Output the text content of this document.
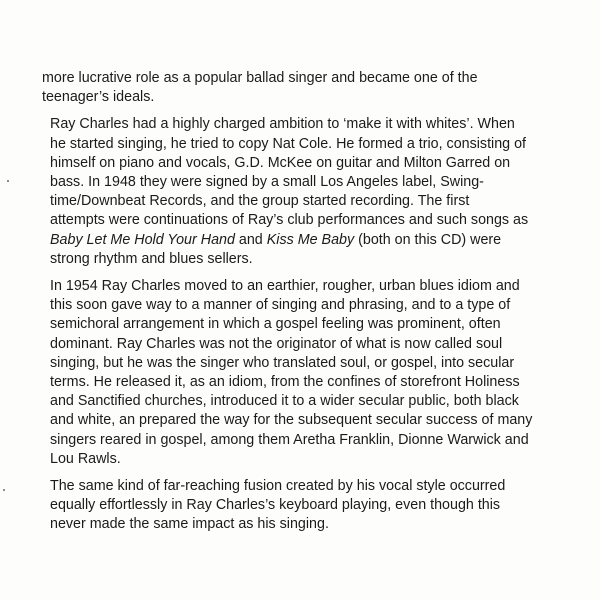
more lucrative role as a popular ballad singer and became one of the
teenager’s ideals.

Ray Charles had a highly charged ambition to ‘make it with whites’. When
he started singing, he tried to copy Nat Cole. He formed a trio, consisting of
himself on piano and vocals, G.D. McKee on guitar and Milton Garred on
bass. In 1948 they were signed by a small Los Angeles label, Swing-
time/Downbeat Records, and the group started recording. The first
attempts were continuations of Ray’s club performances and such songs as
Baby Let Me Hold Your Hand and Kiss Me Baby (both on this CD) were
strong rhythm and blues sellers.

In 1954 Ray Charles moved to an earthier, rougher, urban blues idiom and
this soon gave way to a manner of singing and phrasing, and to a type of
semichoral arrangement in which a gospel feeling was prominent, often
dominant. Ray Charles was not the originator of what is now called soul
singing, but he was the singer who translated soul, or gospel, into secular
terms. He released it, as an idiom, from the confines of storefront Holiness
and Sanctified churches, introduced it to a wider secular public, both black
and white, an prepared the way for the subsequent secular success of many
singers reared in gospel, among them Aretha Franklin, Dionne Warwick and
Lou Rawls.

The same kind of far-reaching fusion created by his vocal style occurred
equally effortlessly in Ray Charles’s keyboard playing, even though this
never made the same impact as his singing.
